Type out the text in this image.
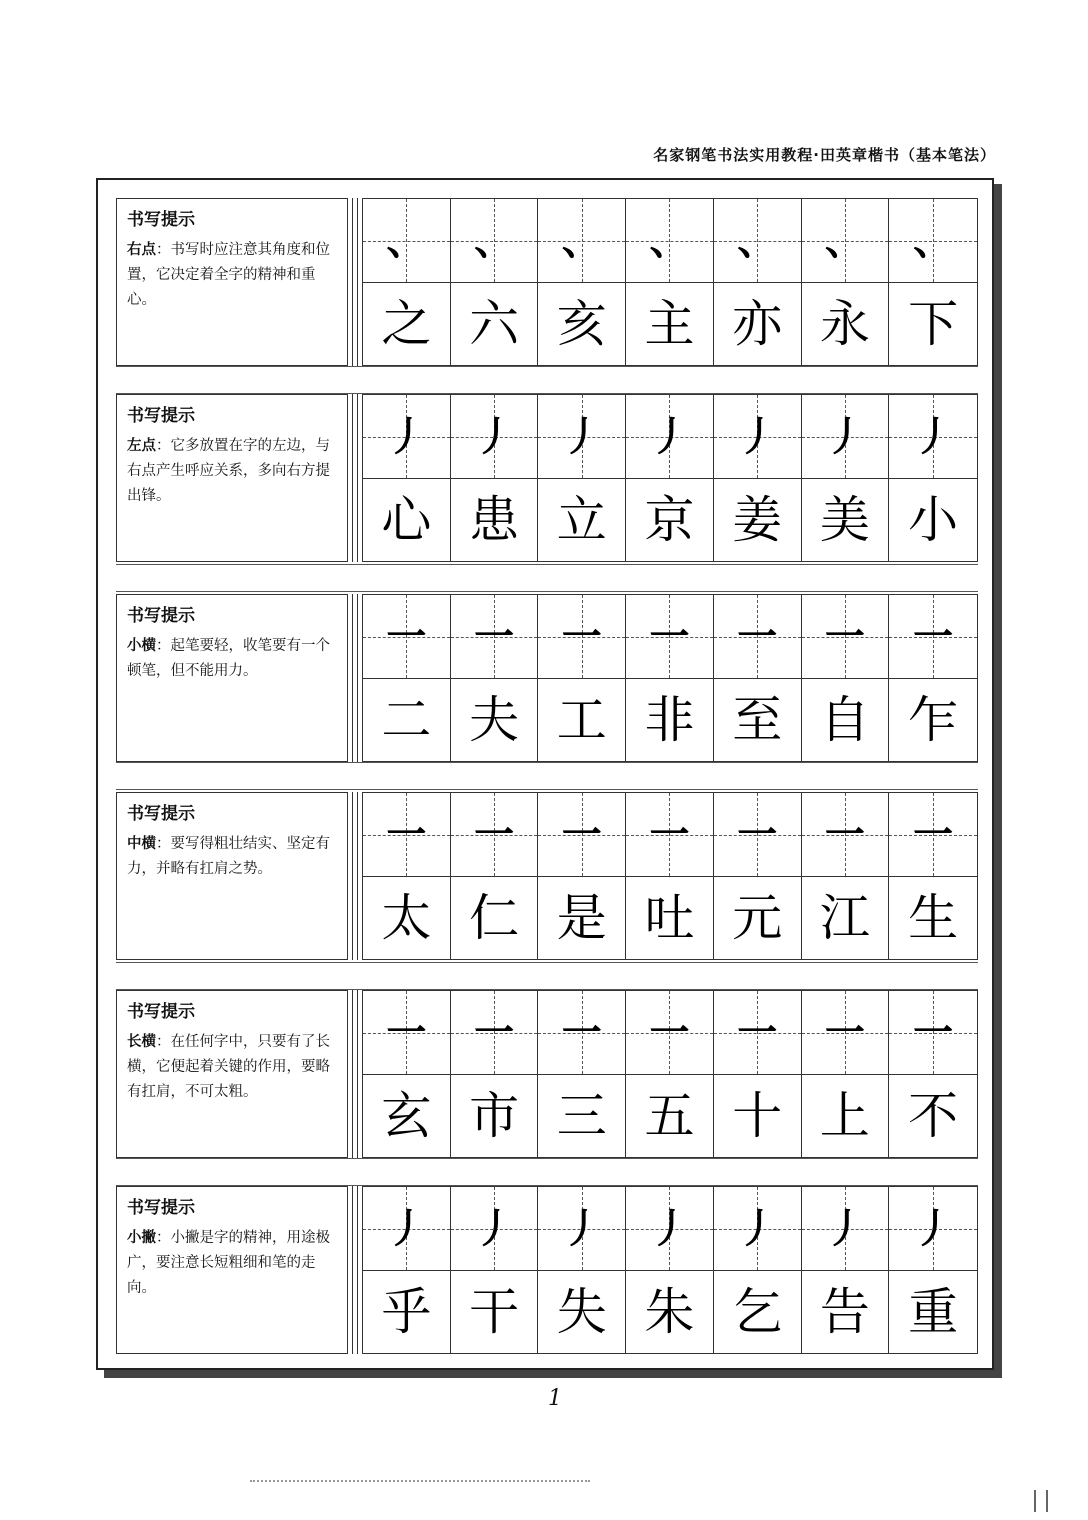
名家钢笔书法实用教程·田英章楷书（基本笔法）
书写提示
右点：书写时应注意其角度和位置，它决定着全字的精神和重心。
、 、 、 、 、 、 、
之 六 亥 主 亦 永 下
书写提示
左点：它多放置在字的左边，与右点产生呼应关系，多向右方提出锋。
丿 丿 丿 丿 丿 丿 丿
心 患 立 京 姜 美 小
书写提示
小横：起笔要轻，收笔要有一个顿笔，但不能用力。
一 一 一 一 一 一 一
二 夫 工 非 至 自 乍
书写提示
中横：要写得粗壮结实、坚定有力，并略有扛肩之势。
一 一 一 一 一 一 一
太 仁 是 吐 元 江 生
书写提示
长横：在任何字中，只要有了长横，它便起着关键的作用，要略有扛肩，不可太粗。
一 一 一 一 一 一 一
玄 市 三 五 十 上 不
书写提示
小撇：小撇是字的精神，用途极广，要注意长短粗细和笔的走向。
丿 丿 丿 丿 丿 丿 丿
乎 干 失 朱 乞 告 重
1
